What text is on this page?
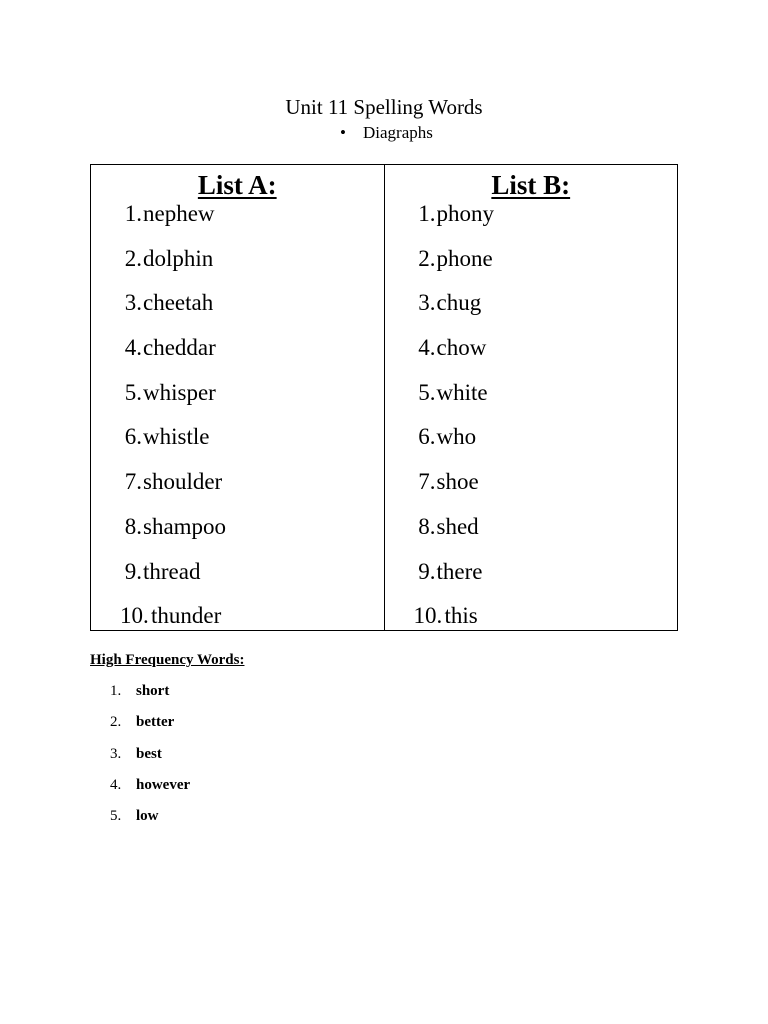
Unit 11 Spelling Words
• Diagraphs
List A:
1. nephew
2. dolphin
3. cheetah
4. cheddar
5. whisper
6. whistle
7. shoulder
8. shampoo
9. thread
10. thunder
List B:
1. phony
2. phone
3. chug
4. chow
5. white
6. who
7. shoe
8. shed
9. there
10. this
High Frequency Words:
1. short
2. better
3. best
4. however
5. low
